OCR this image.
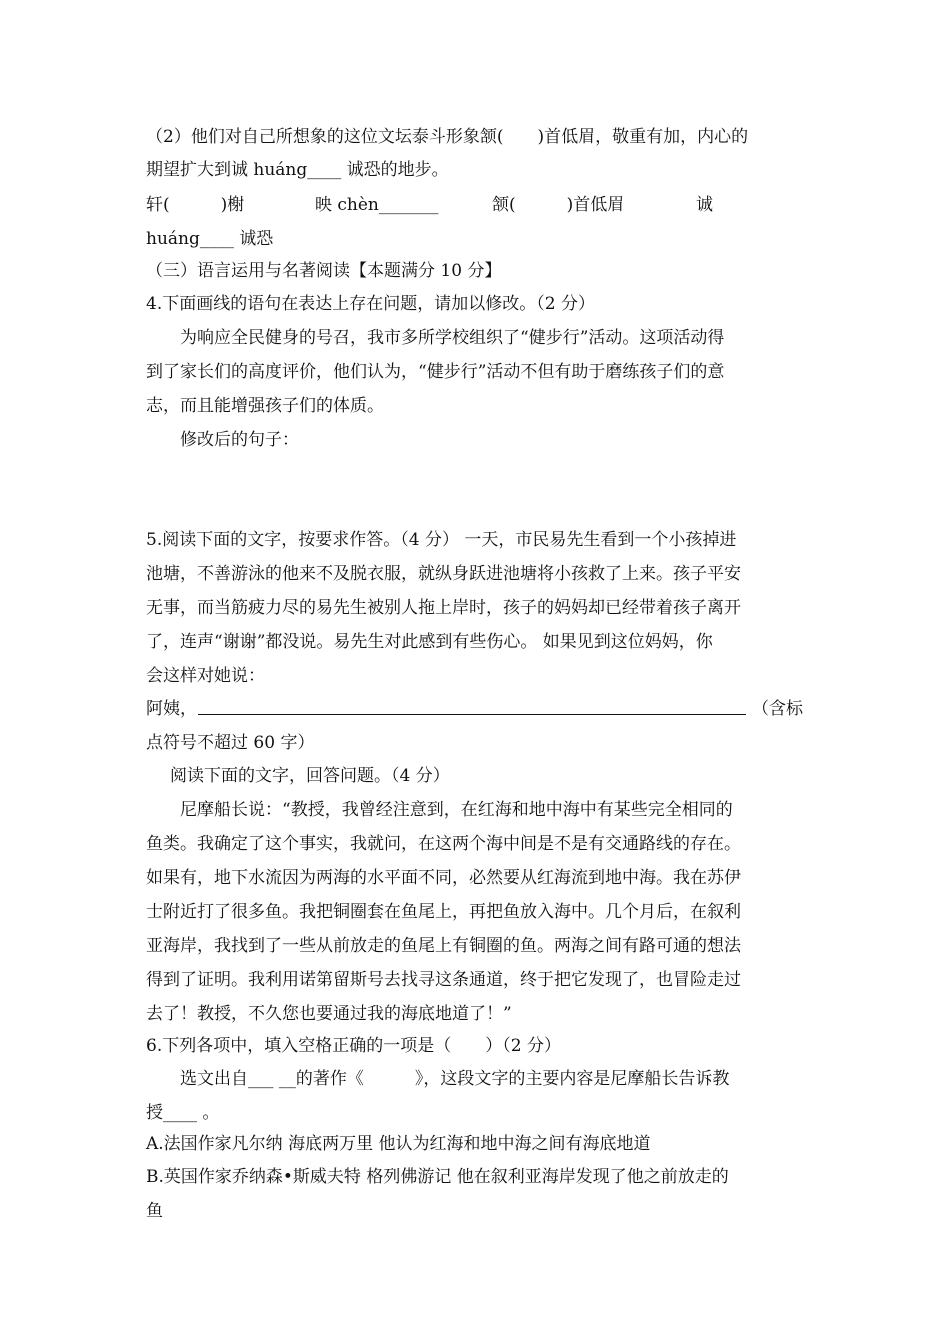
（2）他们对自己所想象的这位文坛泰斗形象颔(　　)首低眉，敬重有加，内心的
期望扩大到诚 huáng____ 诚恐的地步。
轩(　　　)榭	映 chèn_______	颔(　　　)首低眉	诚
huáng____ 诚恐
（三）语言运用与名著阅读【本题满分 10 分】
4.下面画线的语句在表达上存在问题，请加以修改。（2 分）
为响应全民健身的号召，我市多所学校组织了“健步行”活动。这项活动得
到了家长们的高度评价，他们认为，“健步行”活动不但有助于磨练孩子们的意
志，而且能增强孩子们的体质。
修改后的句子：
5.阅读下面的文字，按要求作答。（4 分） 一天，市民易先生看到一个小孩掉进
池塘，不善游泳的他来不及脱衣服，就纵身跃进池塘将小孩救了上来。孩子平安
无事，而当筋疲力尽的易先生被别人拖上岸时，孩子的妈妈却已经带着孩子离开
了，连声“谢谢”都没说。易先生对此感到有些伤心。 如果见到这位妈妈，你
会这样对她说：
阿姨，	（含标
点符号不超过 60 字）
阅读下面的文字，回答问题。（4 分）
尼摩船长说：“教授，我曾经注意到，在红海和地中海中有某些完全相同的
鱼类。我确定了这个事实，我就问，在这两个海中间是不是有交通路线的存在。
如果有，地下水流因为两海的水平面不同，必然要从红海流到地中海。我在苏伊
士附近打了很多鱼。我把铜圈套在鱼尾上，再把鱼放入海中。几个月后，在叙利
亚海岸，我找到了一些从前放走的鱼尾上有铜圈的鱼。两海之间有路可通的想法
得到了证明。我利用诺第留斯号去找寻这条通道，终于把它发现了，也冒险走过
去了！教授，不久您也要通过我的海底地道了！”
6.下列各项中，填入空格正确的一项是（　　）（2 分）
选文出自___ __的著作《　　　》，这段文字的主要内容是尼摩船长告诉教
授____ 。
A.法国作家凡尔纳 海底两万里 他认为红海和地中海之间有海底地道
B.英国作家乔纳森•斯威夫特 格列佛游记 他在叙利亚海岸发现了他之前放走的
鱼
